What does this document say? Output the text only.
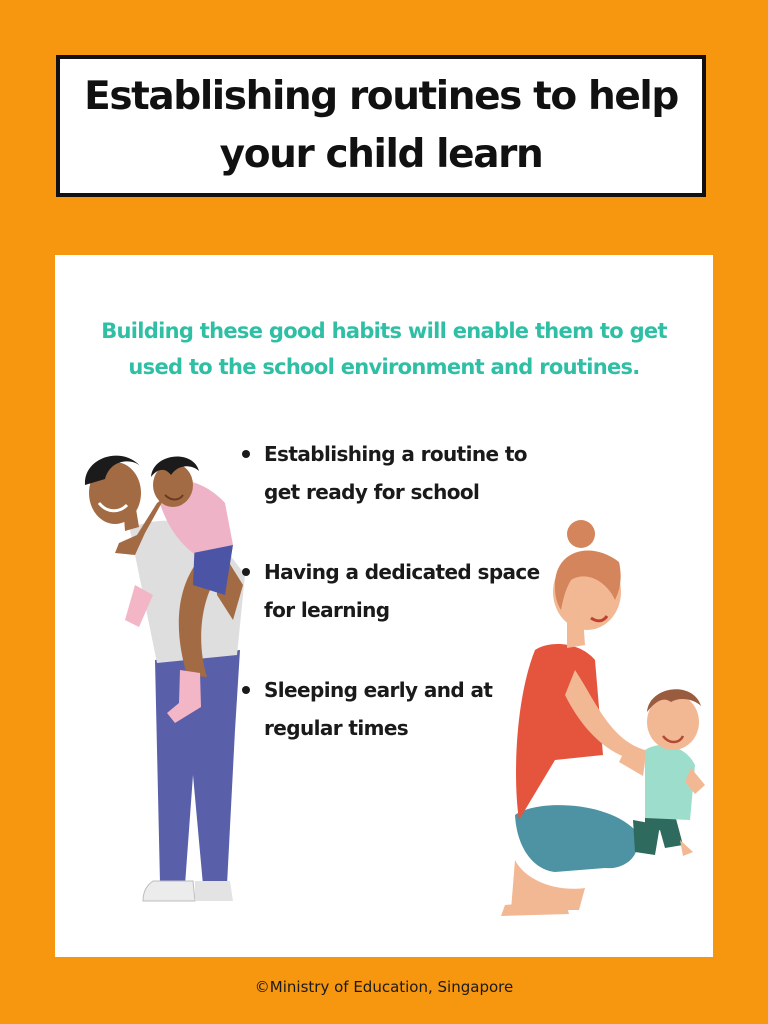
Establishing routines to help your child learn
Building these good habits will enable them to get used to the school environment and routines.
Establishing a routine to get ready for school
Having a dedicated space for learning
Sleeping early and at regular times
©Ministry of Education, Singapore
